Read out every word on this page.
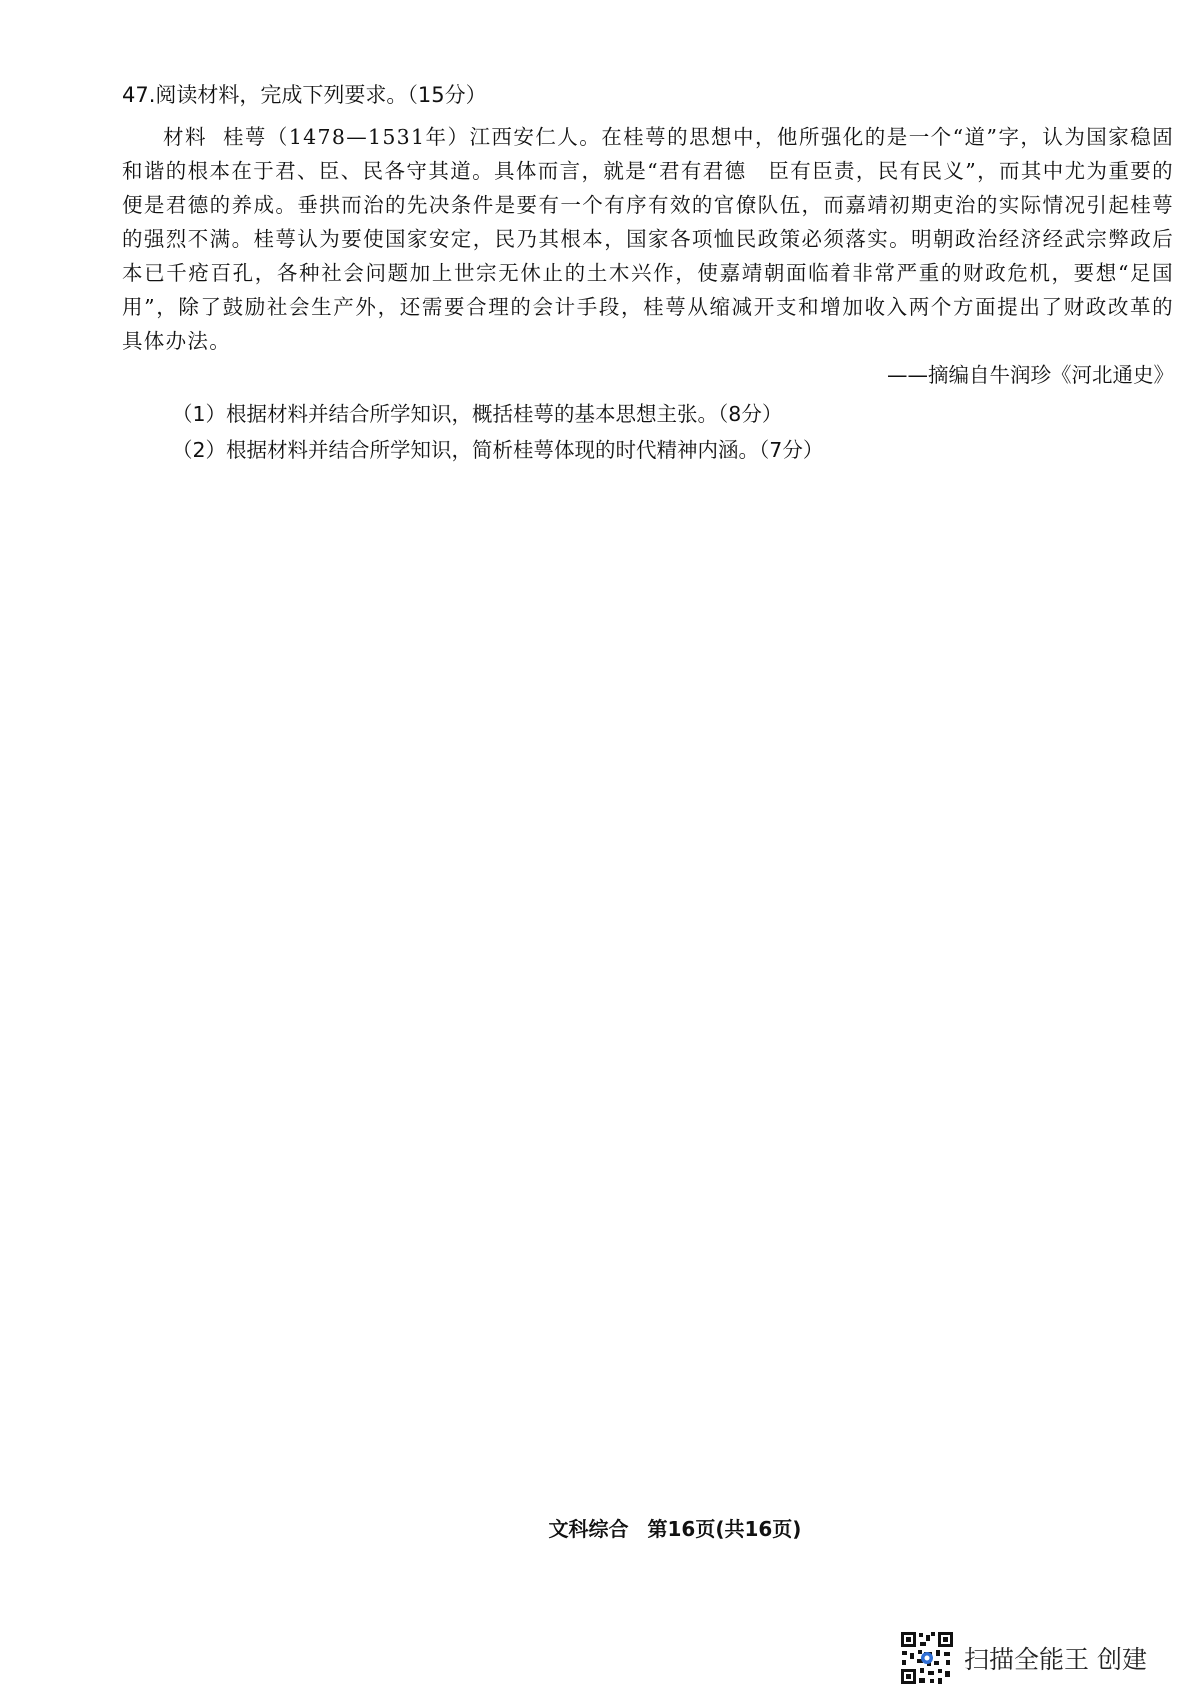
47.阅读材料，完成下列要求。（15分）

材料 桂萼（1478—1531年）江西安仁人。在桂萼的思想中，他所强化的是一个“道”字，认为国家稳固和谐的根本在于君、臣、民各守其道。具体而言，就是“君有君德　臣有臣责，民有民义”，而其中尤为重要的便是君德的养成。垂拱而治的先决条件是要有一个有序有效的官僚队伍，而嘉靖初期吏治的实际情况引起桂萼的强烈不满。桂萼认为要使国家安定，民乃其根本，国家各项恤民政策必须落实。明朝政治经济经武宗弊政后本已千疮百孔，各种社会问题加上世宗无休止的土木兴作，使嘉靖朝面临着非常严重的财政危机，要想“足国用”，除了鼓励社会生产外，还需要合理的会计手段，桂萼从缩减开支和增加收入两个方面提出了财政改革的具体办法。

——摘编自牛润珍《河北通史》
（1）根据材料并结合所学知识，概括桂萼的基本思想主张。（8分）
（2）根据材料并结合所学知识，简析桂萼体现的时代精神内涵。（7分）
文科综合 第16页(共16页)
扫描全能王 创建
